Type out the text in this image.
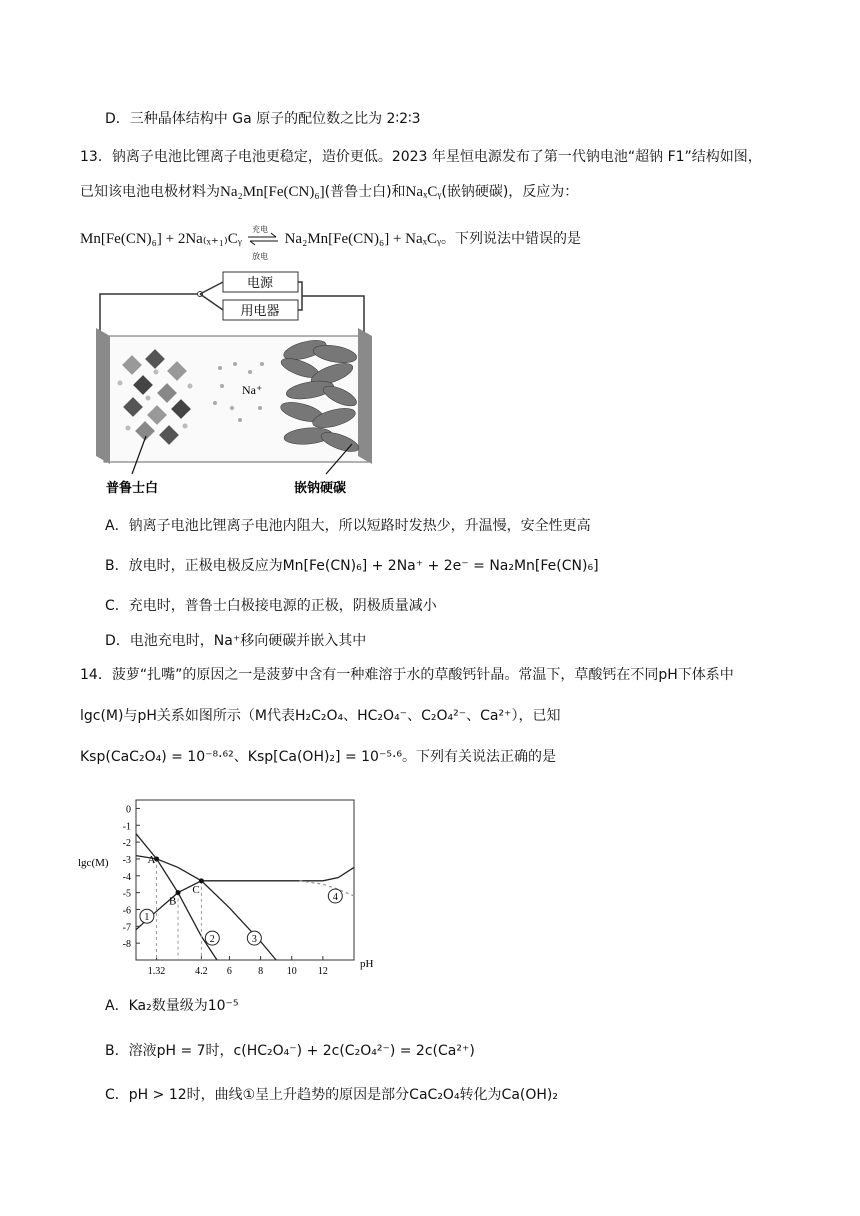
D．三种晶体结构中 Ga 原子的配位数之比为 2∶2∶3
13．钠离子电池比锂离子电池更稳定，造价更低。2023 年星恒电源发布了第一代钠电池“超钠 F1”结构如图，
已知该电池电极材料为Na₂Mn[Fe(CN)₆](普鲁士白)和NaₓCᵧ(嵌钠硬碳)，反应为：
Mn[Fe(CN)₆] + 2Na₍ₓ₊₁₎Cᵧ
充电
放电
Na₂Mn[Fe(CN)₆] + NaₓCᵧ。下列说法中错误的是
电源
用电器
Na⁺
普鲁士白	嵌钠硬碳
A．钠离子电池比锂离子电池内阻大，所以短路时发热少，升温慢，安全性更高
B．放电时，正极电极反应为Mn[Fe(CN)₆] + 2Na⁺ + 2e⁻ = Na₂Mn[Fe(CN)₆]
C．充电时，普鲁士白极接电源的正极，阴极质量减小
D．电池充电时，Na⁺移向硬碳并嵌入其中
14．菠萝“扎嘴”的原因之一是菠萝中含有一种难溶于水的草酸钙针晶。常温下，草酸钙在不同pH下体系中
lgc(M)与pH关系如图所示（M代表H₂C₂O₄、HC₂O₄⁻、C₂O₄²⁻、Ca²⁺），已知
Ksp(CaC₂O₄) = 10⁻⁸·⁶²、Ksp[Ca(OH)₂] = 10⁻⁵·⁶。下列有关说法正确的是
lgc(M)
pH
0
-1
-2
-3
-4
-5
-6
-7
-8
1.32	4.2 6	8 10 12
A
B
C
1
2	3
4
A．Ka₂数量级为10⁻⁵
B．溶液pH = 7时，c(HC₂O₄⁻) + 2c(C₂O₄²⁻) = 2c(Ca²⁺)
C．pH > 12时，曲线①呈上升趋势的原因是部分CaC₂O₄转化为Ca(OH)₂
